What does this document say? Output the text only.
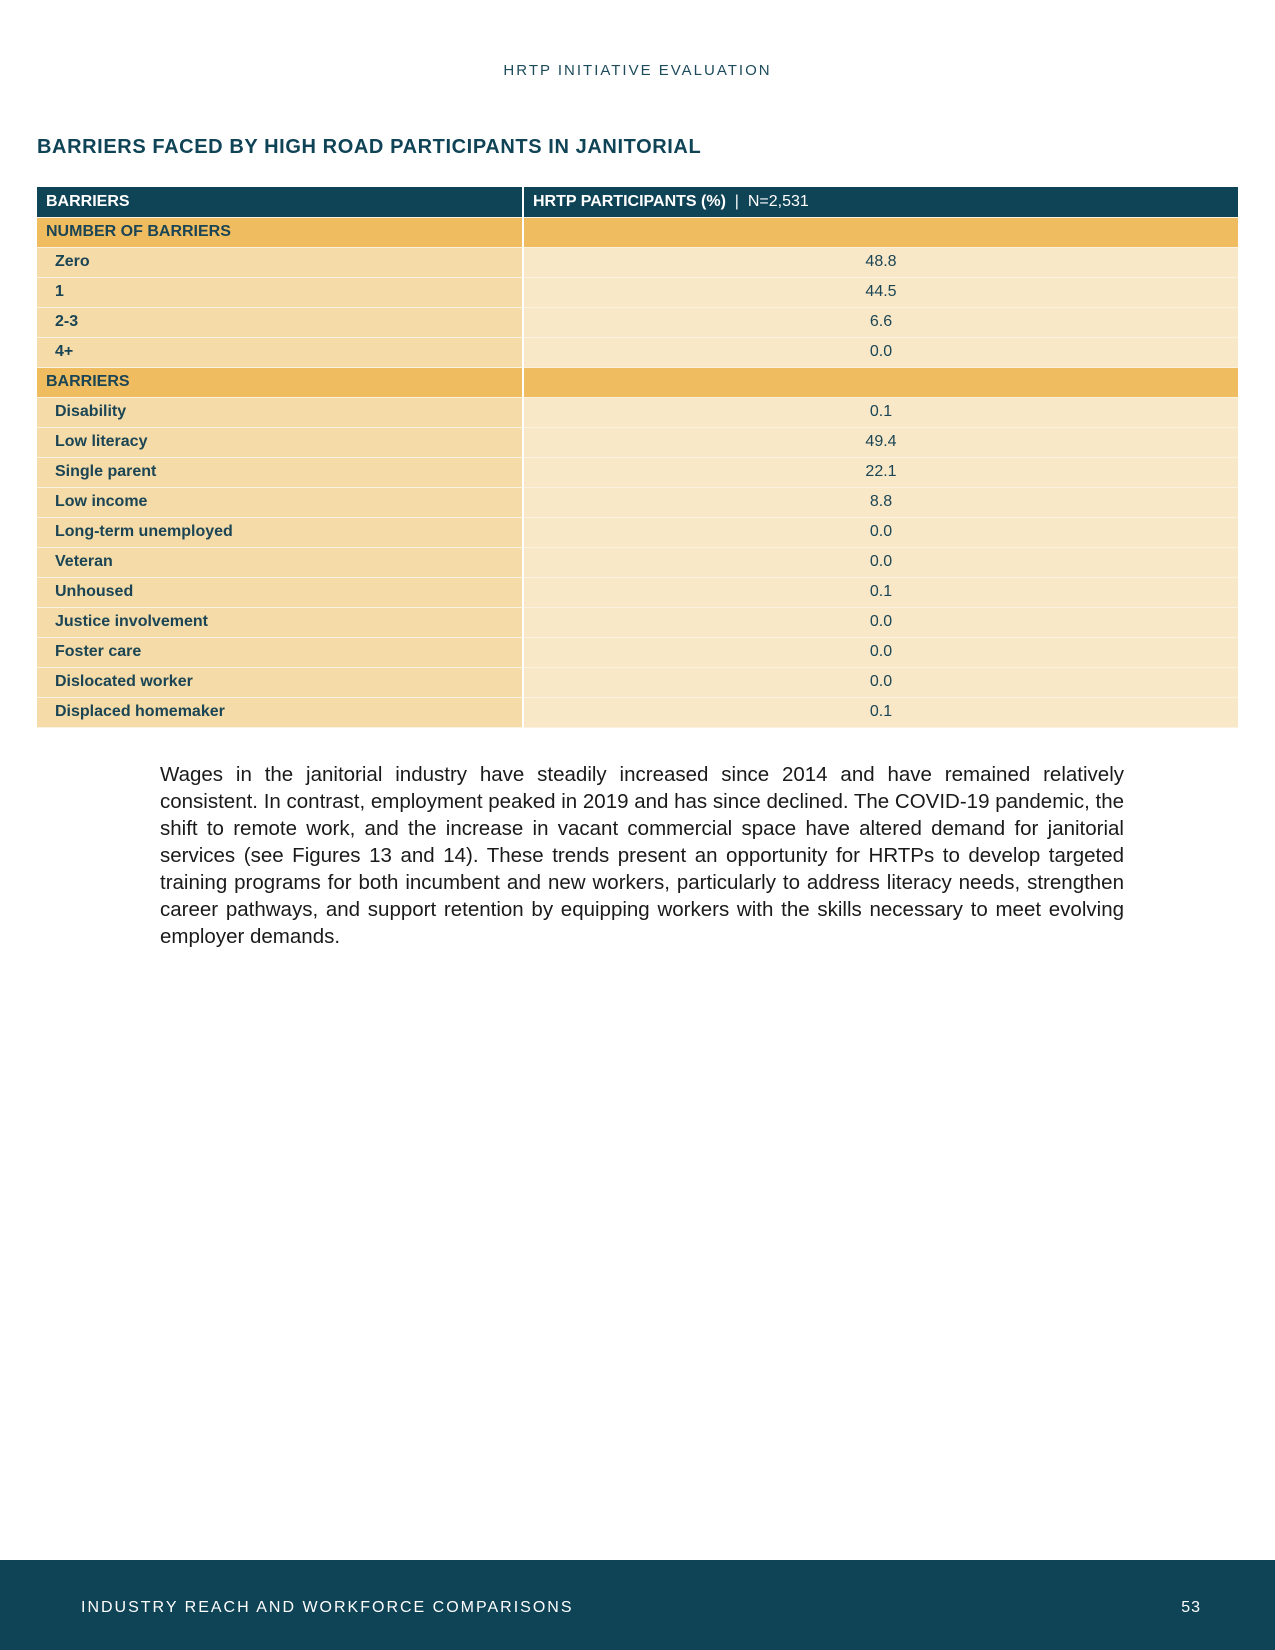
HRTP INITIATIVE EVALUATION
BARRIERS FACED BY HIGH ROAD PARTICIPANTS IN JANITORIAL
BARRIERS	HRTP PARTICIPANTS (%) | N=2,531
NUMBER OF BARRIERS	
Zero	48.8
1	44.5
2-3	6.6
4+	0.0
BARRIERS	
Disability	0.1
Low literacy	49.4
Single parent	22.1
Low income	8.8
Long-term unemployed	0.0
Veteran	0.0
Unhoused	0.1
Justice involvement	0.0
Foster care	0.0
Dislocated worker	0.0
Displaced homemaker	0.1
Wages in the janitorial industry have steadily increased since 2014 and have remained relatively consistent. In contrast, employment peaked in 2019 and has since declined. The COVID-19 pandemic, the shift to remote work, and the increase in vacant commercial space have altered demand for janitorial services (see Figures 13 and 14). These trends present an opportunity for HRTPs to develop targeted training programs for both incumbent and new workers, particularly to address literacy needs, strengthen career pathways, and support retention by equipping workers with the skills necessary to meet evolving employer demands.
INDUSTRY REACH AND WORKFORCE COMPARISONS	53
